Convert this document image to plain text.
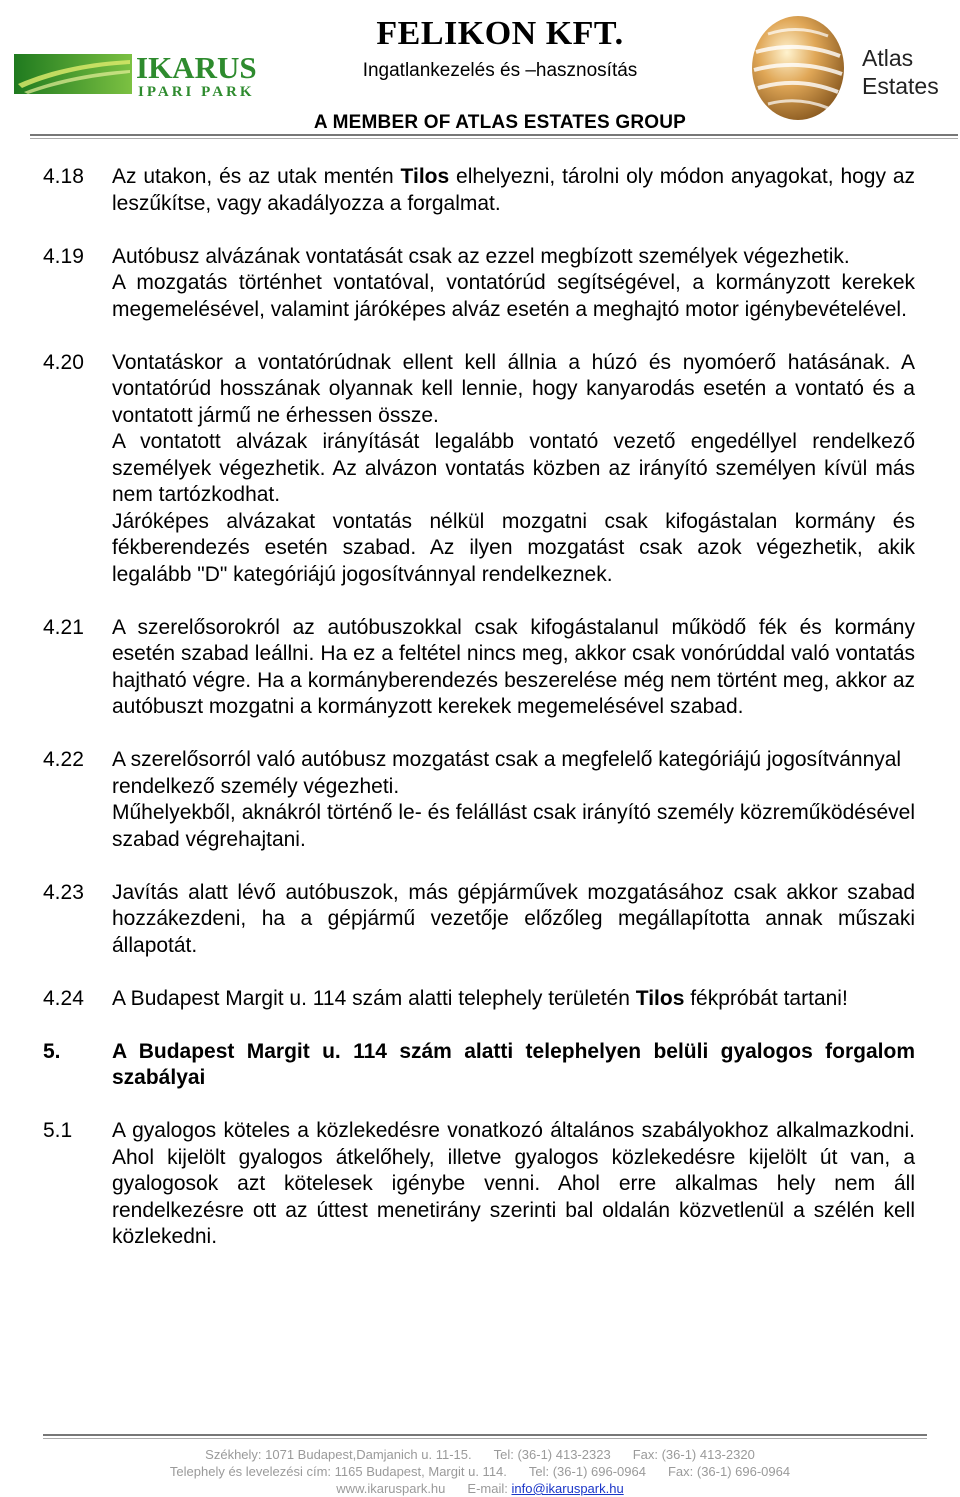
IKARUS
IPARI PARK
FELIKON KFT.
Ingatlankezelés és –hasznosítás
A MEMBER OF ATLAS ESTATES GROUP
Atlas
Estates
4.18	Az utakon, és az utak mentén Tilos elhelyezni, tárolni oly módon anyagokat, hogy az leszűkítse, vagy akadályozza a forgalmat.

4.19	Autóbusz alvázának vontatását csak az ezzel megbízott személyek végezhetik.

A mozgatás történhet vontatóval, vontatórúd segítségével, a kormányzott kerekek megemelésével, valamint járóképes alváz esetén a meghajtó motor igénybevételével.

4.20	Vontatáskor a vontatórúdnak ellent kell állnia a húzó és nyomóerő hatásának. A vontatórúd hosszának olyannak kell lennie, hogy kanyarodás esetén a vontató és a vontatott jármű ne érhessen össze.

A vontatott alvázak irányítását legalább vontató vezető engedéllyel rendelkező személyek végezhetik. Az alvázon vontatás közben az irányító személyen kívül más nem tartózkodhat.

Járóképes alvázakat vontatás nélkül mozgatni csak kifogástalan kormány és fékberendezés esetén szabad. Az ilyen mozgatást csak azok végezhetik, akik legalább "D" kategóriájú jogosítvánnyal rendelkeznek.

4.21	A szerelősorokról az autóbuszokkal csak kifogástalanul működő fék és kormány esetén szabad leállni. Ha ez a feltétel nincs meg, akkor csak vonórúddal való vontatás hajtható végre. Ha a kormányberendezés beszerelése még nem történt meg, akkor az autóbuszt mozgatni a kormányzott kerekek megemelésével szabad.

4.22	A szerelősorról való autóbusz mozgatást csak a megfelelő kategóriájú jogosítvánnyal rendelkező személy végezheti.

Műhelyekből, aknákról történő le- és felállást csak irányító személy közreműködésével szabad végrehajtani.

4.23	Javítás alatt lévő autóbuszok, más gépjárművek mozgatásához csak akkor szabad hozzákezdeni, ha a gépjármű vezetője előzőleg megállapította annak műszaki állapotát.

4.24	A Budapest Margit u. 114 szám alatti telephely területén Tilos fékpróbát tartani!

5.	A Budapest Margit u. 114 szám alatti telephelyen belüli gyalogos forgalom szabályai

5.1	A gyalogos köteles a közlekedésre vonatkozó általános szabályokhoz alkalmazkodni. Ahol kijelölt gyalogos átkelőhely, illetve gyalogos közlekedésre kijelölt út van, a gyalogosok azt kötelesek igénybe venni. Ahol erre alkalmas hely nem áll rendelkezésre ott az úttest menetirány szerinti bal oldalán közvetlenül a szélén kell közlekedni.

Székhely: 1071 Budapest,Damjanich u. 11-15. Tel: (36-1) 413-2323 Fax: (36-1) 413-2320
Telephely és levelezési cím: 1165 Budapest, Margit u. 114. Tel: (36-1) 696-0964 Fax: (36-1) 696-0964
www.ikaruspark.hu E-mail: info@ikaruspark.hu
